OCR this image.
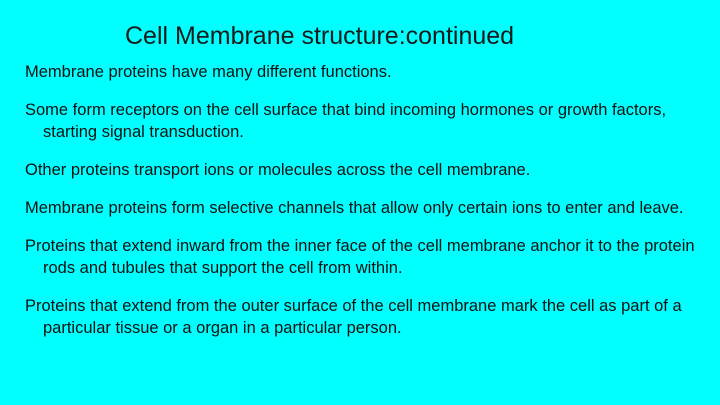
Cell Membrane structure:continued

Membrane proteins have many different functions.

Some form receptors on the cell surface that bind incoming hormones or growth factors, starting signal transduction.

Other proteins transport ions or molecules across the cell membrane.

Membrane proteins form selective channels that allow only certain ions to enter and leave.

Proteins that extend inward from the inner face of the cell membrane anchor it to the protein rods and tubules that support the cell from within.

Proteins that extend from the outer surface of the cell membrane mark the cell as part of a particular tissue or a organ in a particular person.
